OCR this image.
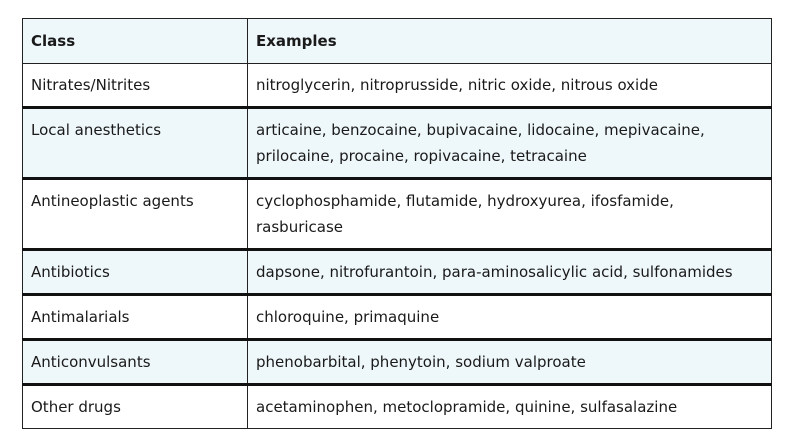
Class	Examples
Nitrates/Nitrites	nitroglycerin, nitroprusside, nitric oxide, nitrous oxide
Local anesthetics	articaine, benzocaine, bupivacaine, lidocaine, mepivacaine, prilocaine, procaine, ropivacaine, tetracaine
Antineoplastic agents	cyclophosphamide, flutamide, hydroxyurea, ifosfamide, rasburicase
Antibiotics	dapsone, nitrofurantoin, para-aminosalicylic acid, sulfonamides
Antimalarials	chloroquine, primaquine
Anticonvulsants	phenobarbital, phenytoin, sodium valproate
Other drugs	acetaminophen, metoclopramide, quinine, sulfasalazine
